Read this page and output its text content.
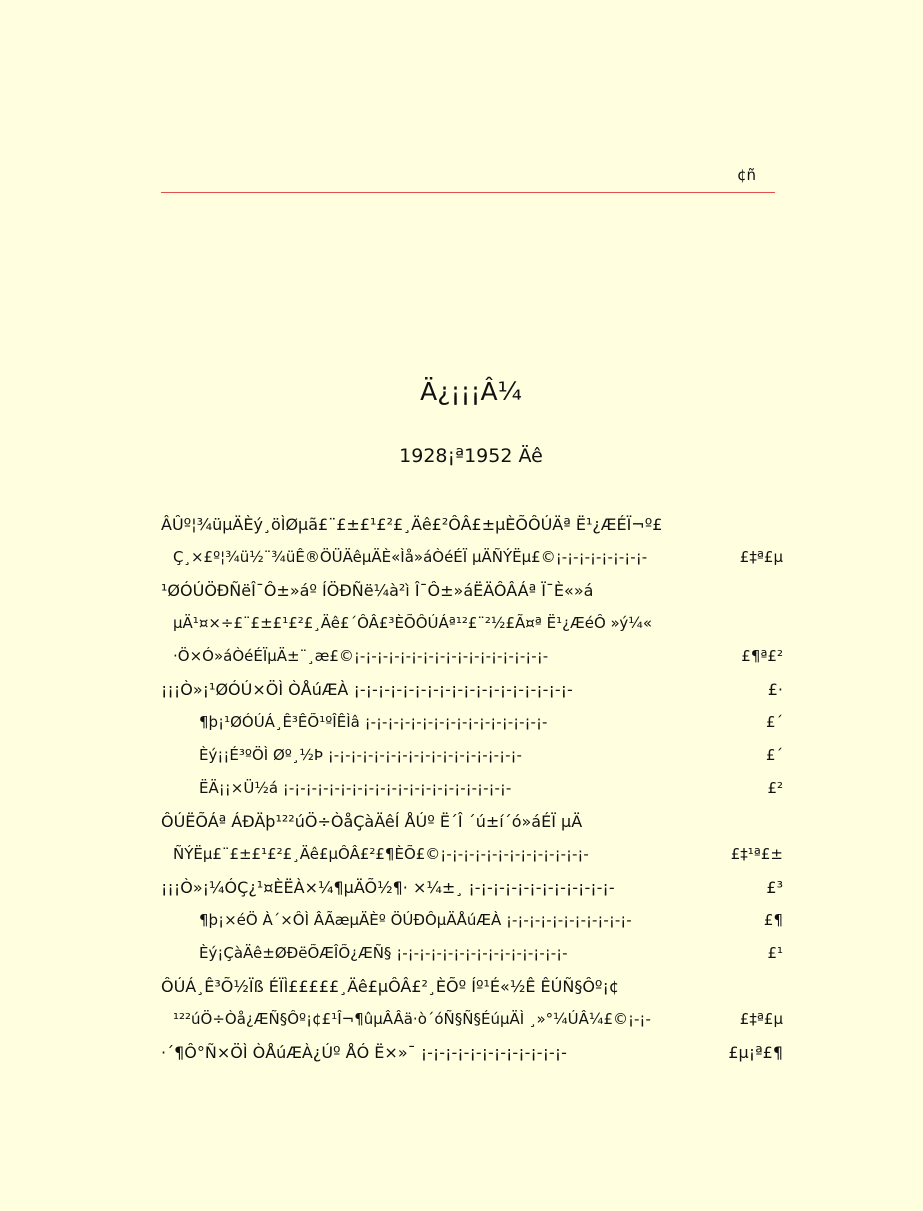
¢ñ
Ä¿¡¡¡Â¼
1928¡ª1952 Äê
ÂÛº¦¾üµÄÈý¸öÌØµã£¨£±£¹£²£¸Äê£²ÔÂ£±µÈÕÔÚÄª Ë¹¿ÆÉÏ¬º£
Ç¸×£º¦¾ü½¨¾üÊ®ÖÜÄêµÄÈ«Ìå»áÒéÉÏ µÄÑÝËµ£©¡-¡-¡-¡-¡-¡-¡-¡-	£‡ª£µ
¹ØÓÚÖÐÑëÎ¯Ô±»áº ÍÖÐÑë¼à²ì Î¯Ô±»áËÄÔÂÁª Ï¯È«»á
µÄ¹¤×÷£¨£±£¹£²£¸Äê£´ÔÂ£³ÈÕÔÚÁª¹²£¨²½£Ã¤ª Ë¹¿ÆéÔ »ý¼«
·Ö×Ó»áÒéÉÏµÄ±¨¸æ£©¡-¡-¡-¡-¡-¡-¡-¡-¡-¡-¡-¡-¡-¡-¡-¡-¡-	£¶ª£²
¡¡¡Ò»¡¹ØÓÚ×ÖÌ ÒÅúÆÀ ¡-¡-¡-¡-¡-¡-¡-¡-¡-¡-¡-¡-¡-¡-¡-¡-¡-¡-	£·
¶þ¡¹ØÓÚÁ¸Ê³ÊÕ¹ºÎÊÌâ ¡-¡-¡-¡-¡-¡-¡-¡-¡-¡-¡-¡-¡-¡-¡-¡-	£´
Èý¡¡É³ºÖÌ Øº¸½Þ ¡-¡-¡-¡-¡-¡-¡-¡-¡-¡-¡-¡-¡-¡-¡-¡-¡-	£´
ËÄ¡¡×Ü½á ¡-¡-¡-¡-¡-¡-¡-¡-¡-¡-¡-¡-¡-¡-¡-¡-¡-¡-¡-¡-	£²
ÔÚËÕÁª ÁÐÄþ¹²²úÖ÷ÒåÇàÄêÍ ÅÚº Ë´Î ´ú±í´ó»áÉÏ µÄ
ÑÝËµ£¨£±£¹£²£¸Äê£µÔÂ£²£¶ÈÕ£©¡-¡-¡-¡-¡-¡-¡-¡-¡-¡-¡-¡-¡-	£‡¹ª£±
¡¡¡Ò»¡¼ÓÇ¿¹¤ÈËÀ×¼¶µÄÕ½¶· ×¼±¸ ¡-¡-¡-¡-¡-¡-¡-¡-¡-¡-¡-¡-	£³
¶þ¡×éÖ À´×ÔÌ ÂÃæµÄÈº ÖÚÐÔµÄÅúÆÀ ¡-¡-¡-¡-¡-¡-¡-¡-¡-¡-¡-	£¶
Èý¡ÇàÄê±ØÐëÕÆÎÕ¿ÆÑ§ ¡-¡-¡-¡-¡-¡-¡-¡-¡-¡-¡-¡-¡-¡-¡-	£¹
ÔÚÁ¸Ê³Õ½Ïß ÉÏÌ£££££¸Äê£µÔÂ£²¸ÈÕº Íº¹É«½Ê ÊÚÑ§Ôº¡¢
¹²²úÖ÷Òå¿ÆÑ§Ôº¡¢£¹Î¬¶ûµÂÂä·ò´óÑ§Ñ§ÉúµÄÌ ¸»°¼ÚÂ¼£©¡-¡-	£‡ª£µ
·´¶Ô°Ñ×ÖÌ ÒÅúÆÀ¿Úº ÅÓ Ë×»¯ ¡-¡-¡-¡-¡-¡-¡-¡-¡-¡-¡-¡-	£µ¡ª£¶
